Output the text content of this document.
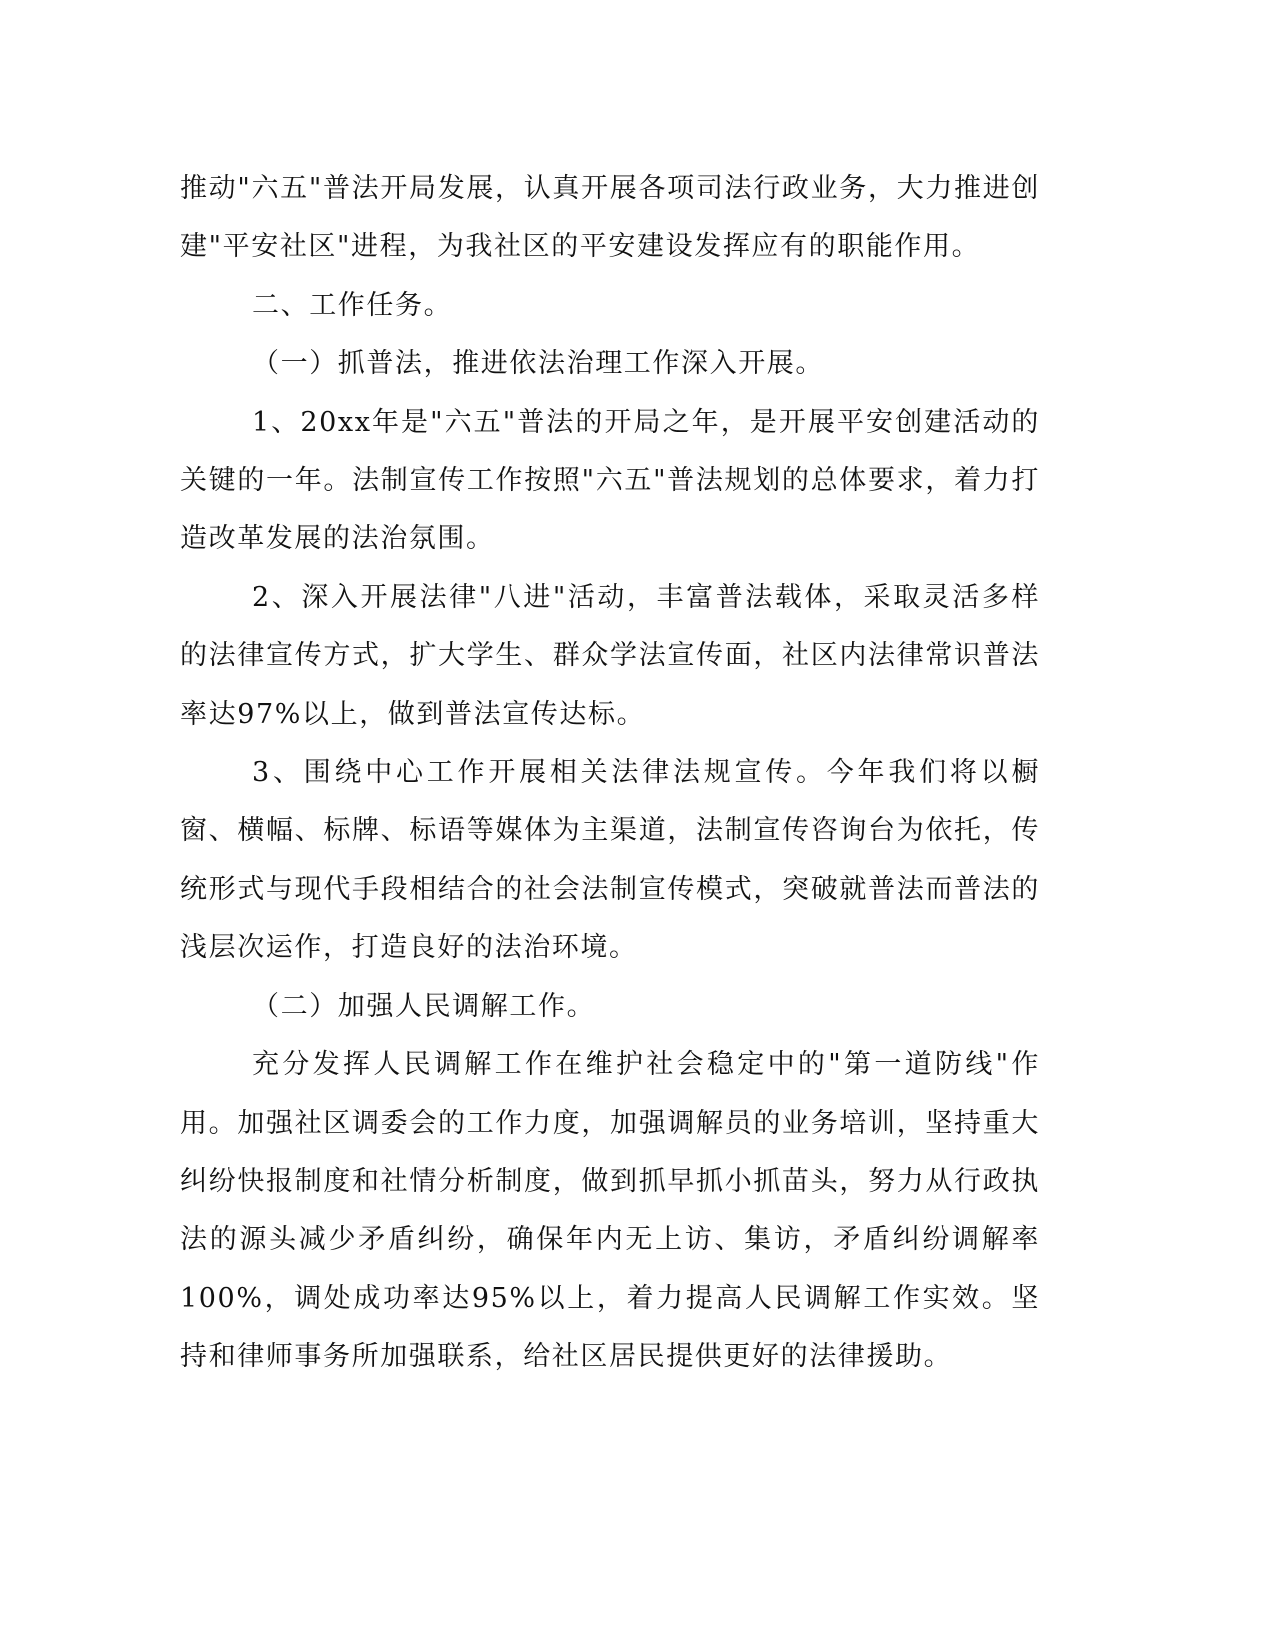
推动"六五"普法开局发展，认真开展各项司法行政业务，大力推进创建"平安社区"进程，为我社区的平安建设发挥应有的职能作用。

二、工作任务。

（一）抓普法，推进依法治理工作深入开展。

1、20xx年是"六五"普法的开局之年，是开展平安创建活动的关键的一年。法制宣传工作按照"六五"普法规划的总体要求，着力打造改革发展的法治氛围。

2、深入开展法律"八进"活动，丰富普法载体，采取灵活多样的法律宣传方式，扩大学生、群众学法宣传面，社区内法律常识普法率达97%以上，做到普法宣传达标。

3、围绕中心工作开展相关法律法规宣传。今年我们将以橱窗、横幅、标牌、标语等媒体为主渠道，法制宣传咨询台为依托，传统形式与现代手段相结合的社会法制宣传模式，突破就普法而普法的浅层次运作，打造良好的法治环境。

（二）加强人民调解工作。

充分发挥人民调解工作在维护社会稳定中的"第一道防线"作用。加强社区调委会的工作力度，加强调解员的业务培训，坚持重大纠纷快报制度和社情分析制度，做到抓早抓小抓苗头，努力从行政执法的源头减少矛盾纠纷，确保年内无上访、集访，矛盾纠纷调解率100%，调处成功率达95%以上，着力提高人民调解工作实效。坚持和律师事务所加强联系，给社区居民提供更好的法律援助。
